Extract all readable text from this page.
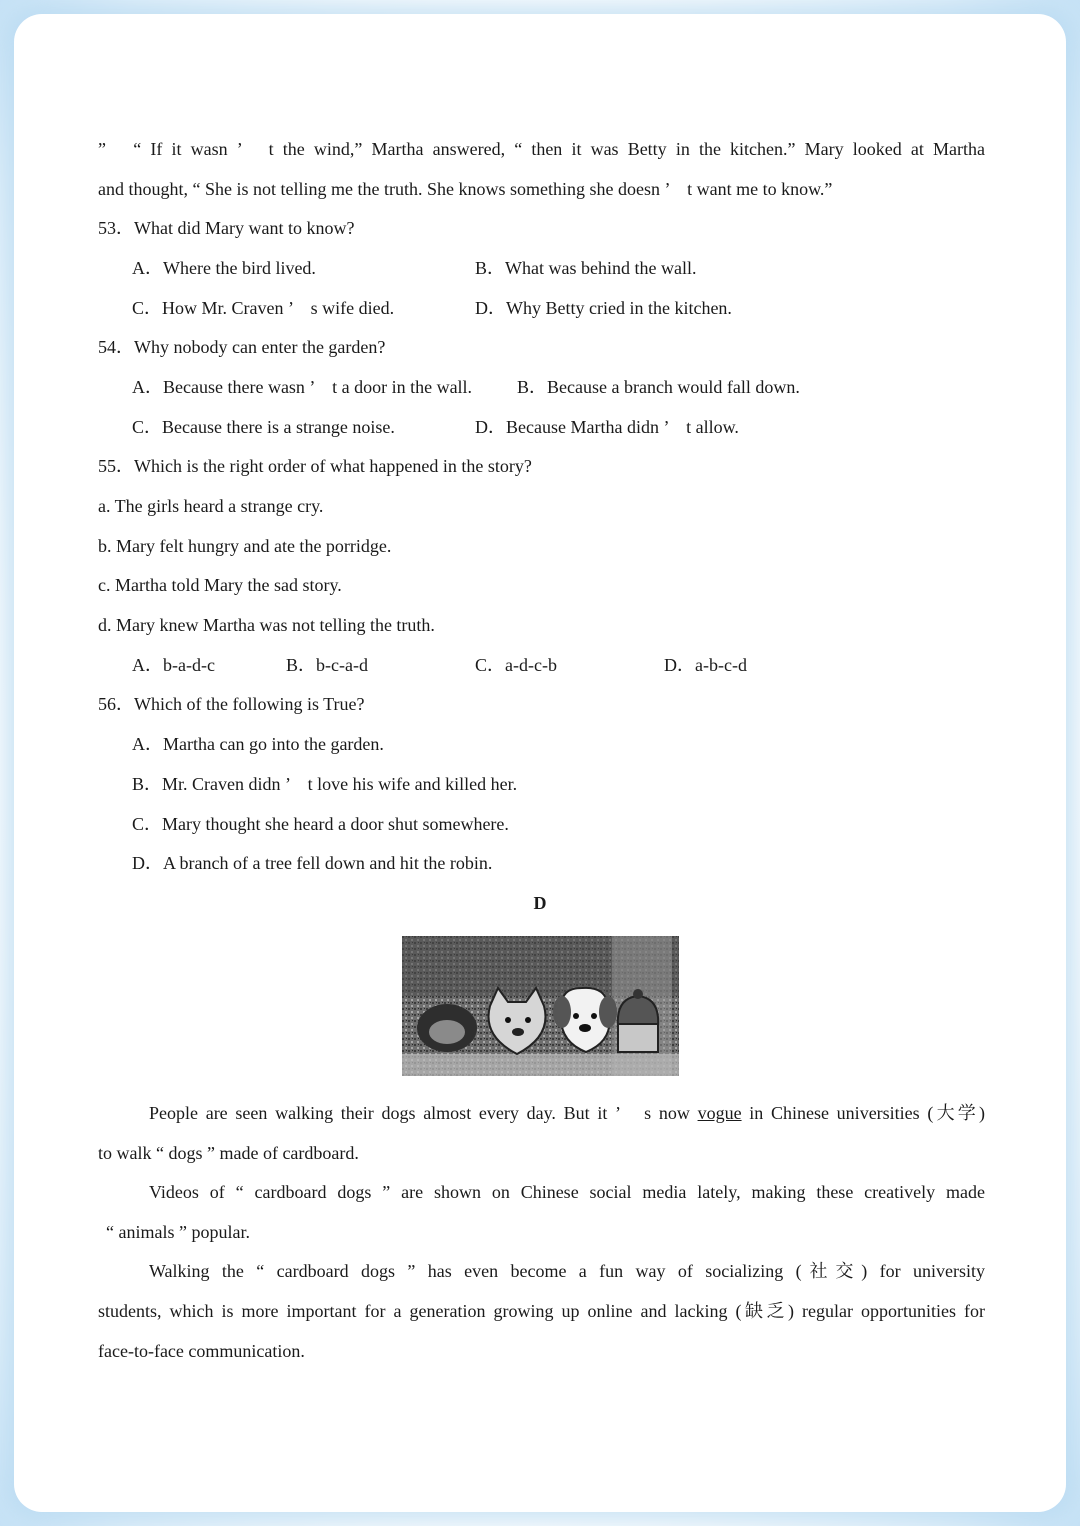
”　“ If it wasn ’　t the wind,” Martha answered, “ then it was Betty in the kitchen.” Mary looked at Martha
and thought, “ She is not telling me the truth. She knows something she doesn ’　t want me to know.”
53．What did Mary want to know?
A．Where the bird lived.	B．What was behind the wall.
C．How Mr. Craven ’　s wife died.	D．Why Betty cried in the kitchen.
54．Why nobody can enter the garden?
A．Because there wasn ’　t a door in the wall. B．Because a branch would fall down.
C．Because there is a strange noise.	D．Because Martha didn ’　t allow.
55．Which is the right order of what happened in the story?
a. The girls heard a strange cry.
b. Mary felt hungry and ate the porridge.
c. Martha told Mary the sad story.
d. Mary knew Martha was not telling the truth.
A．b-a-d-c	B．b-c-a-d	C．a-d-c-b	D．a-b-c-d
56．Which of the following is True?
A．Martha can go into the garden.
B．Mr. Craven didn ’　t love his wife and killed her.
C．Mary thought she heard a door shut somewhere.
D．A branch of a tree fell down and hit the robin.
D
People are seen walking their dogs almost every day. But it ’　s now vogue in Chinese universities (大学)
to walk “ dogs ” made of cardboard.
Videos of “ cardboard dogs ” are shown on Chinese social media lately, making these creatively made
“ animals ” popular.
Walking the “ cardboard dogs ” has even become a fun way of socializing (社交) for university
students, which is more important for a generation growing up online and lacking (缺乏) regular opportunities for
face-to-face communication.
